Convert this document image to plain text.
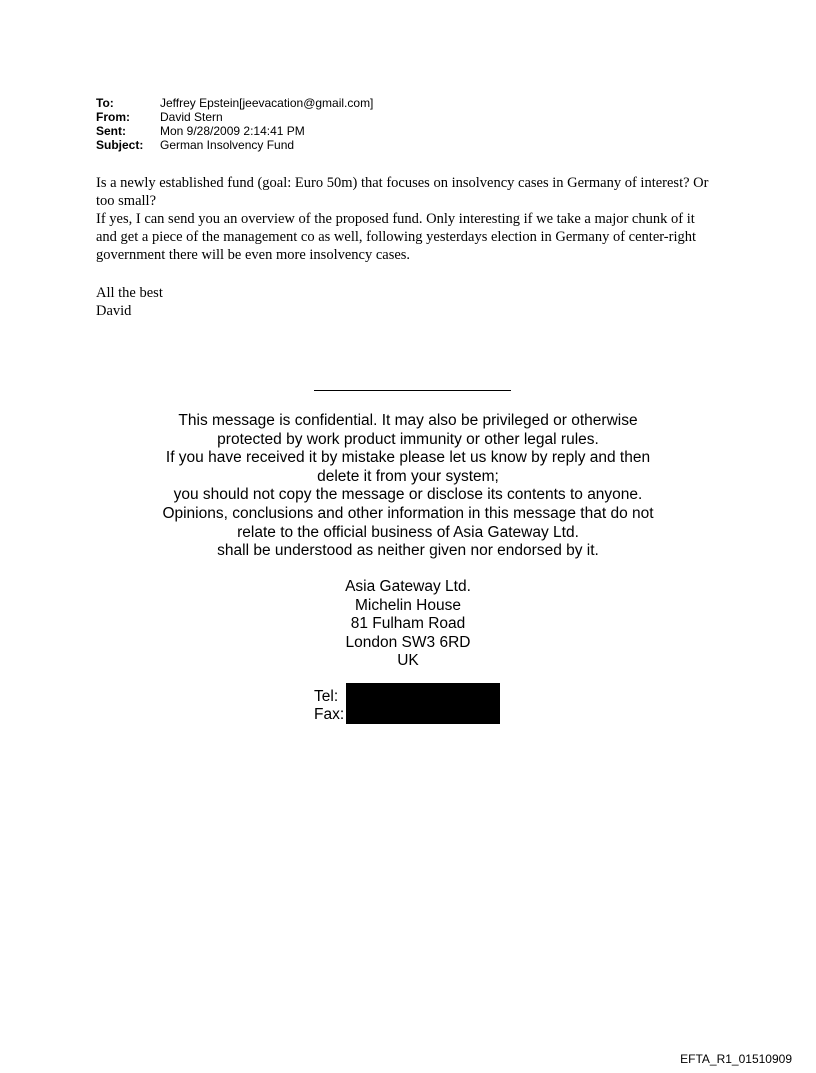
To:	Jeffrey Epstein[jeevacation@gmail.com]
From:	David Stern
Sent:	Mon 9/28/2009 2:14:41 PM
Subject:	German Insolvency Fund

Is a newly established fund (goal: Euro 50m) that focuses on insolvency cases in Germany of interest? Or too small?

If yes, I can send you an overview of the proposed fund. Only interesting if we take a major chunk of it and get a piece of the management co as well, following yesterdays election in Germany of center-right government there will be even more insolvency cases.

All the best
David
This message is confidential. It may also be privileged or otherwise
protected by work product immunity or other legal rules.
If you have received it by mistake please let us know by reply and then
delete it from your system;
you should not copy the message or disclose its contents to anyone.
Opinions, conclusions and other information in this message that do not
relate to the official business of Asia Gateway Ltd.
shall be understood as neither given nor endorsed by it.
Asia Gateway Ltd.
Michelin House
81 Fulham Road
London SW3 6RD
UK
Tel:
Fax:
EFTA_R1_01510909
